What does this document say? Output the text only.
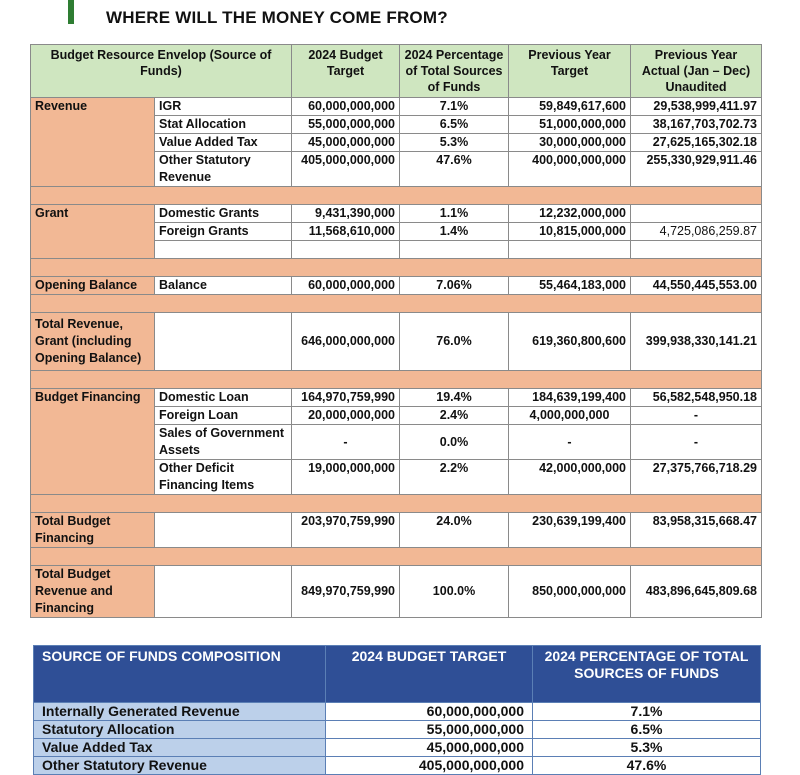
WHERE WILL THE MONEY COME FROM?
Budget Resource Envelop (Source of Funds)		2024 Budget Target	2024 Percentage of Total Sources of Funds	Previous Year Target	Previous Year Actual (Jan – Dec) Unaudited
Revenue	IGR	60,000,000,000	7.1%	59,849,617,600	29,538,999,411.97
	Stat Allocation	55,000,000,000	6.5%	51,000,000,000	38,167,703,702.73
	Value Added Tax	45,000,000,000	5.3%	30,000,000,000	27,625,165,302.18
	Other Statutory Revenue	405,000,000,000	47.6%	400,000,000,000	255,330,929,911.46

Grant	Domestic Grants	9,431,390,000	1.1%	12,232,000,000	
	Foreign Grants	11,568,610,000	1.4%	10,815,000,000	4,725,086,259.87

Opening Balance	Balance	60,000,000,000	7.06%	55,464,183,000	44,550,445,553.00

Total Revenue, Grant (including Opening Balance)		646,000,000,000	76.0%	619,360,800,600	399,938,330,141.21

Budget Financing	Domestic Loan	164,970,759,990	19.4%	184,639,199,400	56,582,548,950.18
	Foreign Loan	20,000,000,000	2.4%	4,000,000,000	-
	Sales of Government Assets	-	0.0%	-	-
	Other Deficit Financing Items	19,000,000,000	2.2%	42,000,000,000	27,375,766,718.29

Total Budget Financing		203,970,759,990	24.0%	230,639,199,400	83,958,315,668.47

Total Budget Revenue and Financing		849,970,759,990	100.0%	850,000,000,000	483,896,645,809.68
SOURCE OF FUNDS COMPOSITION	2024 BUDGET TARGET	2024 PERCENTAGE OF TOTAL SOURCES OF FUNDS
Internally Generated Revenue	60,000,000,000	7.1%
Statutory Allocation	55,000,000,000	6.5%
Value Added Tax	45,000,000,000	5.3%
Other Statutory Revenue	405,000,000,000	47.6%
